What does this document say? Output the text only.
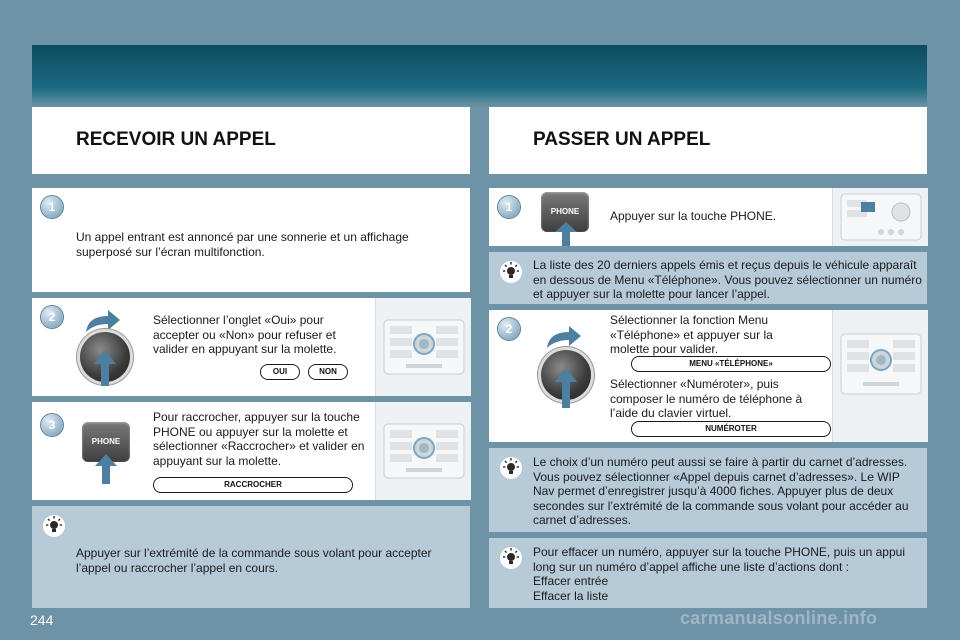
RECEVOIR UN APPEL	PASSER UN APPEL
1
Un appel entrant est annoncé par une sonnerie et un affichage superposé sur l’écran multifonction.
2	Sélectionner l’onglet «Oui» pour accepter ou «Non» pour refuser et valider en appuyant sur la molette.
OUI	NON
3
PHONE
Pour raccrocher, appuyer sur la touche PHONE ou appuyer sur la molette et sélectionner «Raccrocher» et valider en appuyant sur la molette.
RACCROCHER
Appuyer sur l’extrémité de la commande sous volant pour accepter l’appel ou raccrocher l’appel en cours.
1	PHONE	Appuyer sur la touche PHONE.
La liste des 20 derniers appels émis et reçus depuis le véhicule apparaît en dessous de Menu «Téléphone». Vous pouvez sélectionner un numéro et appuyer sur la molette pour lancer l’appel.
2
Sélectionner la fonction Menu «Téléphone» et appuyer sur la molette pour valider.
MENU «TÉLÉPHONE»
Sélectionner «Numéroter», puis composer le numéro de téléphone à l’aide du clavier virtuel.
NUMÉROTER
Le choix d’un numéro peut aussi se faire à partir du carnet d’adresses. Vous pouvez sélectionner «Appel depuis carnet d’adresses». Le WIP Nav permet d’enregistrer jusqu’à 4000 fiches. Appuyer plus de deux secondes sur l’extrémité de la commande sous volant pour accéder au carnet d’adresses.
Pour effacer un numéro, appuyer sur la touche PHONE, puis un appui long sur un numéro d’appel affiche une liste d’actions dont :
Effacer entrée
Effacer la liste
244	carmanualsonline.info
